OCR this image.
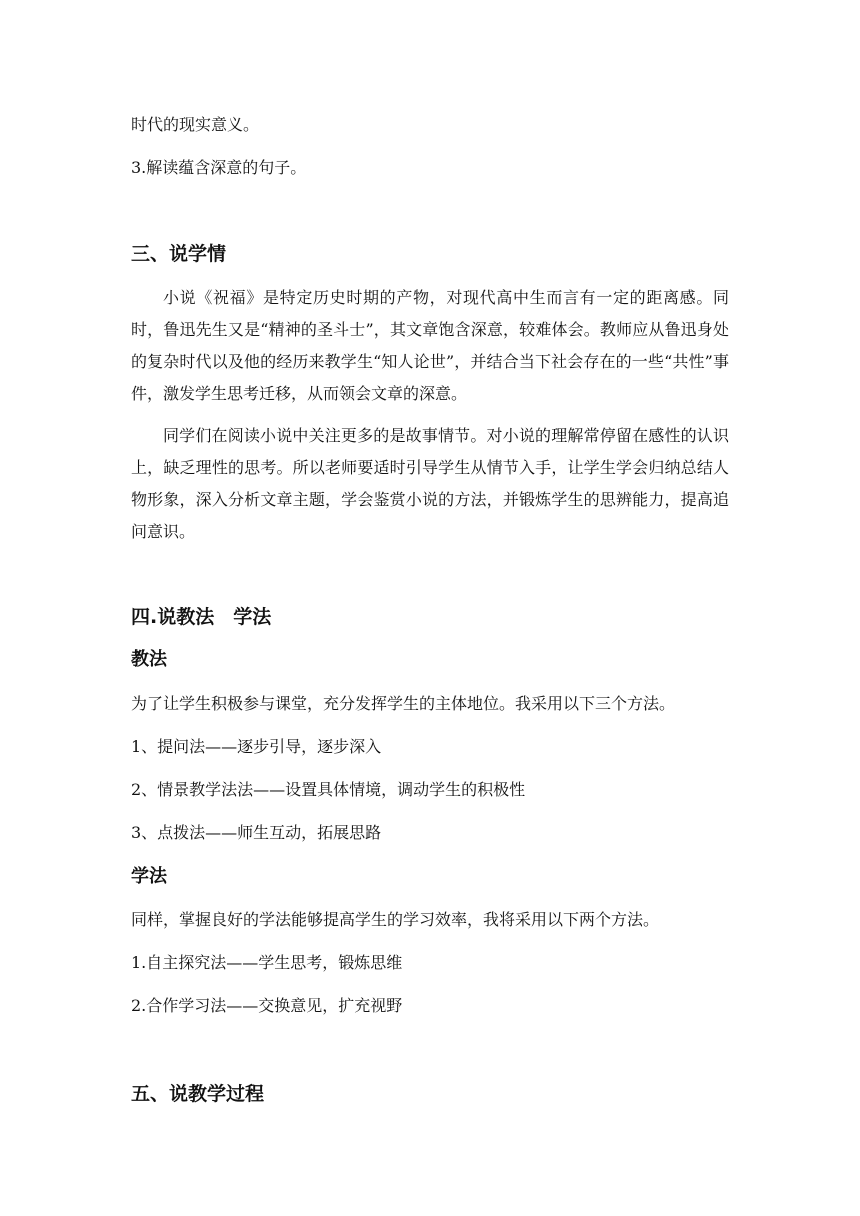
时代的现实意义。
3.解读蕴含深意的句子。
三、说学情
小说《祝福》是特定历史时期的产物，对现代高中生而言有一定的距离感。同时，鲁迅先生又是“精神的圣斗士”，其文章饱含深意，较难体会。教师应从鲁迅身处的复杂时代以及他的经历来教学生“知人论世”，并结合当下社会存在的一些“共性”事件，激发学生思考迁移，从而领会文章的深意。
同学们在阅读小说中关注更多的是故事情节。对小说的理解常停留在感性的认识上，缺乏理性的思考。所以老师要适时引导学生从情节入手，让学生学会归纳总结人物形象，深入分析文章主题，学会鉴赏小说的方法，并锻炼学生的思辨能力，提高追问意识。
四.说教法　学法
教法
为了让学生积极参与课堂，充分发挥学生的主体地位。我采用以下三个方法。
1、提问法——逐步引导，逐步深入
2、情景教学法法——设置具体情境，调动学生的积极性
3、点拨法——师生互动，拓展思路
学法
同样，掌握良好的学法能够提高学生的学习效率，我将采用以下两个方法。
1.自主探究法——学生思考，锻炼思维
2.合作学习法——交换意见，扩充视野
五、说教学过程
